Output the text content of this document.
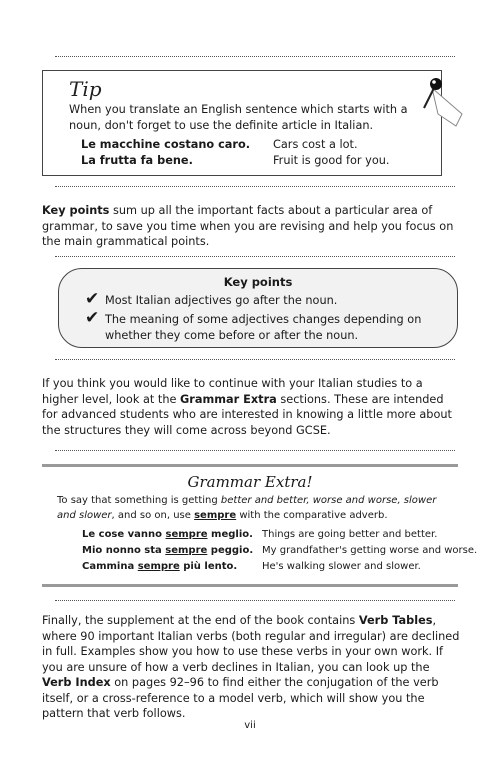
Tip
When you translate an English sentence which starts with a noun, don't forget to use the definite article in Italian.
Le macchine costano caro. Cars cost a lot.
La frutta fa bene.	Fruit is good for you.
Key points sum up all the important facts about a particular area of grammar, to save you time when you are revising and help you focus on the main grammatical points.
Key points
✔ Most Italian adjectives go after the noun.
✔ The meaning of some adjectives changes depending on whether they come before or after the noun.
If you think you would like to continue with your Italian studies to a higher level, look at the Grammar Extra sections. These are intended for advanced students who are interested in knowing a little more about the structures they will come across beyond GCSE.
Grammar Extra!
To say that something is getting better and better, worse and worse, slower and slower, and so on, use sempre with the comparative adverb.
Le cose vanno sempre meglio. Things are going better and better.
Mio nonno sta sempre peggio. My grandfather's getting worse and worse.
Cammina sempre più lento. He's walking slower and slower.
Finally, the supplement at the end of the book contains Verb Tables, where 90 important Italian verbs (both regular and irregular) are declined in full. Examples show you how to use these verbs in your own work. If you are unsure of how a verb declines in Italian, you can look up the Verb Index on pages 92–96 to find either the conjugation of the verb itself, or a cross-reference to a model verb, which will show you the pattern that verb follows.
vii
